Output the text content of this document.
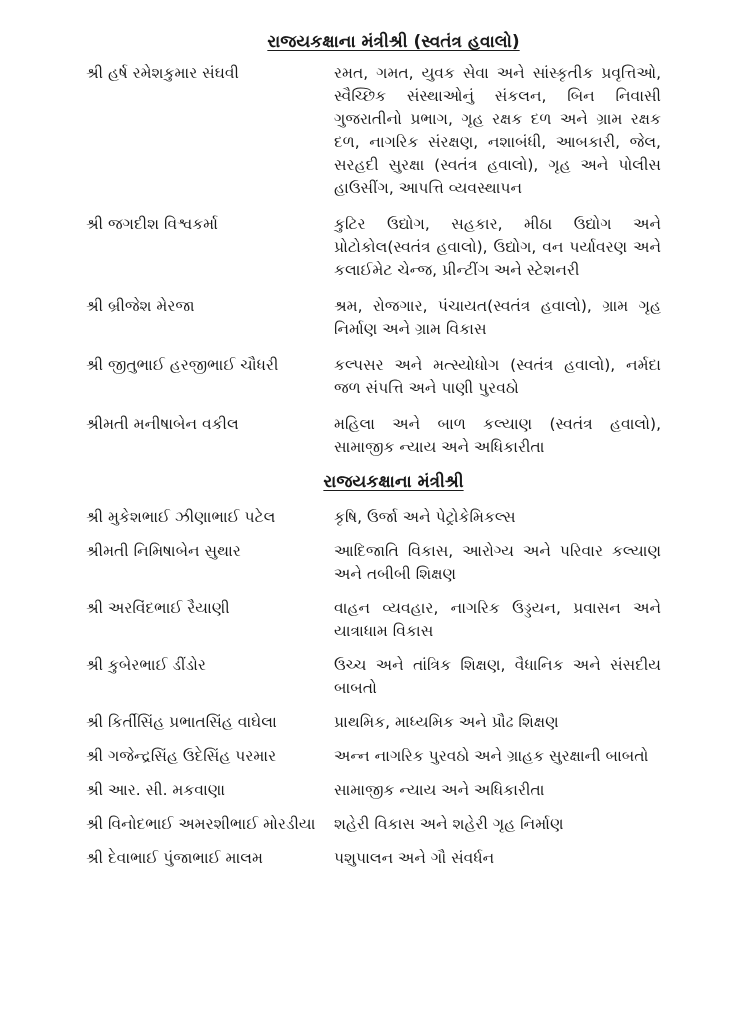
રાજયકક્ષાના મંત્રીશ્રી (સ્વતંત્ર હવાલો)
શ્રી હર્ષ રમેશકુમાર સંઘવી	રમત, ગમત, યુવક સેવા અને સાંસ્કૃતીક પ્રવૃત્તિઓ, સ્વૈચ્છિક સંસ્થાઓનું સંકલન, બિન નિવાસી ગુજરાતીનો પ્રભાગ, ગૃહ રક્ષક દળ અને ગ્રામ રક્ષક દળ, નાગરિક સંરક્ષણ, નશાબંધી, આબકારી, જેલ, સરહદી સુરક્ષા (સ્વતંત્ર હવાલો), ગૃહ અને પોલીસ હાઉસીંગ, આપત્તિ વ્યવસ્થાપન
શ્રી જગદીશ વિશ્વકર્મા	કુટિર ઉદ્યોગ, સહકાર, મીઠા ઉદ્યોગ અને પ્રોટોકોલ(સ્વતંત્ર હવાલો), ઉદ્યોગ, વન પર્યાવરણ અને કલાઈમેટ ચેન્જ, પ્રીન્ટીંગ અને સ્ટેશનરી
શ્રી બ્રીજેશ મેરજા	શ્રમ, રોજગાર, પંચાયત(સ્વતંત્ર હવાલો), ગ્રામ ગૃહ નિર્માણ અને ગ્રામ વિકાસ
શ્રી જીતુભાઈ હરજીભાઈ ચૌધરી	કલ્પસર અને મત્સ્યોધોગ (સ્વતંત્ર હવાલો), નર્મદા જળ સંપત્તિ અને પાણી પુરવઠો
શ્રીમતી મનીષાબેન વકીલ	મહિલા અને બાળ કલ્યાણ (સ્વતંત્ર હવાલો), સામાજીક ન્યાય અને અધિકારીતા
રાજયકક્ષાના મંત્રીશ્રી
શ્રી મુકેશભાઈ ઝીણાભાઈ પટેલ	કૃષિ, ઉર્જા અને પેટ્રોકેમિકલ્સ
શ્રીમતી નિમિષાબેન સુથાર	આદિજાતિ વિકાસ, આરોગ્ય અને પરિવાર કલ્યાણ અને તબીબી શિક્ષણ
શ્રી અરવિંદભાઈ રૈયાણી	વાહન વ્યવહાર, નાગરિક ઉડ્ડયન, પ્રવાસન અને યાત્રાધામ વિકાસ
શ્રી કુબેરભાઈ ડીંડોર	ઉચ્ચ અને તાંત્રિક શિક્ષણ, વૈધાનિક અને સંસદીય બાબતો
શ્રી કિર્તીસિંહ પ્રભાતસિંહ વાઘેલા	પ્રાથમિક, માધ્યમિક અને પ્રૌઢ શિક્ષણ
શ્રી ગજેન્દ્રસિંહ ઉદેસિંહ પરમાર	અન્ન નાગરિક પુરવઠો અને ગ્રાહક સુરક્ષાની બાબતો
શ્રી આર. સી. મકવાણા	સામાજીક ન્યાય અને અધિકારીતા
શ્રી વિનોદભાઈ અમરશીભાઈ મોરડીયા	શહેરી વિકાસ અને શહેરી ગૃહ નિર્માણ
શ્રી દેવાભાઈ પુંજાભાઈ માલમ	પશુપાલન અને ગૌ સંવર્ધન
